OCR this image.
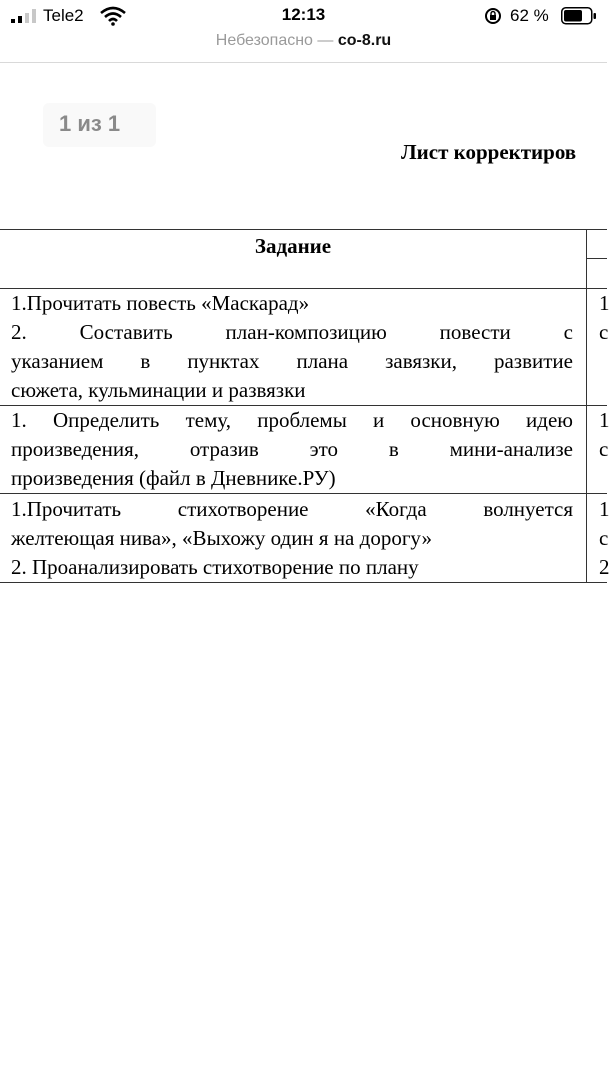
Tele2	12:13	62 %
Небезопасно — co-8.ru
1 из 1
Лист корректиров
Задание
1.Прочитать повесть «Маскарад»
2. Составить план-композицию повести с
указанием в пунктах плана завязки, развитие
сюжета, кульминации и развязки
1
с
1. Определить тему, проблемы и основную идею
произведения, отразив это в мини-анализе
произведения (файл в Дневнике.РУ)
1
с
1.Прочитать стихотворение «Когда волнуется
желтеющая нива», «Выхожу один я на дорогу»
2. Проанализировать стихотворение по плану
1
с
2
